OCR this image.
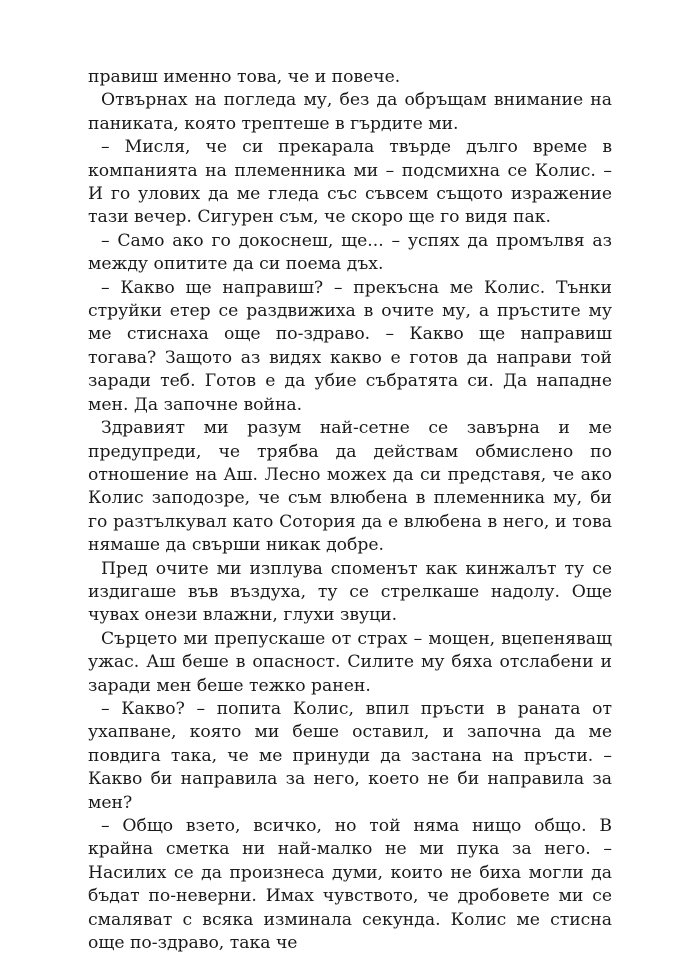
правиш именно това, че и повече.

Отвърнах на погледа му, без да обръщам внимание на паниката, която трептеше в гърдите ми.

– Мисля, че си прекарала твърде дълго време в компанията на племенника ми – подсмихна се Колис. – И го улових да ме гледа със съвсем същото изражение тази вечер. Сигурен съм, че скоро ще го видя пак.

– Само ако го докоснеш, ще... – успях да промълвя аз между опитите да си поема дъх.

– Какво ще направиш? – прекъсна ме Колис. Тънки струйки етер се раздвижиха в очите му, а пръстите му ме стиснаха още по-здраво. – Какво ще направиш тогава? Защото аз видях какво е готов да направи той заради теб. Готов е да убие събратята си. Да нападне мен. Да започне война.

Здравият ми разум най-сетне се завърна и ме предупреди, че трябва да действам обмислено по отношение на Аш. Лесно можех да си представя, че ако Колис заподозре, че съм влюбена в племенника му, би го разтълкувал като Сотория да е влюбена в него, и това нямаше да свърши никак добре.

Пред очите ми изплува споменът как кинжалът ту се издигаше във въздуха, ту се стрелкаше надолу. Още чувах онези влажни, глухи звуци.

Сърцето ми препускаше от страх – мощен, вцепеняващ ужас. Аш беше в опасност. Силите му бяха отслабени и заради мен беше тежко ранен.

– Какво? – попита Колис, впил пръсти в раната от ухапване, която ми беше оставил, и започна да ме повдига така, че ме принуди да застана на пръсти. – Какво би направила за него, което не би направила за мен?

– Общо взето, всичко, но той няма нищо общо. В крайна сметка ни най-малко не ми пука за него. – Насилих се да произнеса думи, които не биха могли да бъдат по-неверни. Имах чувството, че дробовете ми се смаляват с всяка изминала секунда. Колис ме стисна още по-здраво, така че
